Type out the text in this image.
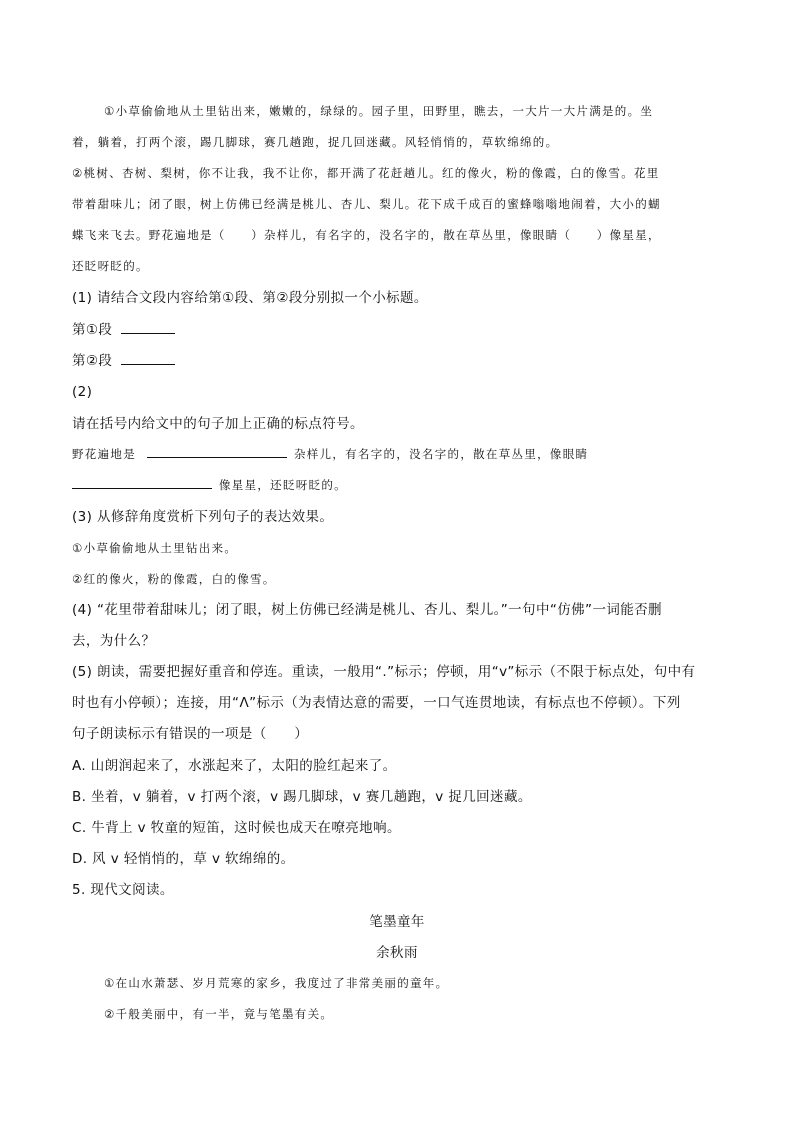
①小草偷偷地从土里钻出来，嫩嫩的，绿绿的。园子里，田野里，瞧去，一大片一大片满是的。坐
着，躺着，打两个滚，踢几脚球，赛几趟跑，捉几回迷藏。风轻悄悄的，草软绵绵的。
②桃树、杏树、梨树，你不让我，我不让你，都开满了花赶趟儿。红的像火，粉的像霞，白的像雪。花里
带着甜味儿；闭了眼，树上仿佛已经满是桃儿、杏儿、梨儿。花下成千成百的蜜蜂嗡嗡地闹着，大小的蝴
蝶飞来飞去。野花遍地是（　　）杂样儿，有名字的，没名字的，散在草丛里，像眼睛（　　）像星星，
还眨呀眨的。
(1) 请结合文段内容给第①段、第②段分别拟一个小标题。
第①段
第②段
(2)
请在括号内给文中的句子加上正确的标点符号。
野花遍地是	杂样儿，有名字的，没名字的，散在草丛里，像眼睛
像星星，还眨呀眨的。
(3) 从修辞角度赏析下列句子的表达效果。
①小草偷偷地从土里钻出来。
②红的像火，粉的像霞，白的像雪。
(4) “花里带着甜味儿；闭了眼，树上仿佛已经满是桃儿、杏儿、梨儿。”一句中“仿佛”一词能否删
去，为什么？
(5) 朗读，需要把握好重音和停连。重读，一般用“.”标示；停顿，用“v”标示（不限于标点处，句中有
时也有小停顿）；连接，用“Λ”标示（为表情达意的需要，一口气连贯地读，有标点也不停顿）。下列
句子朗读标示有错误的一项是（　　）
A. 山朗润起来了，水涨起来了，太阳的脸红起来了。
B. 坐着，v 躺着，v 打两个滚，v 踢几脚球，v 赛几趟跑，v 捉几回迷藏。
C. 牛背上 v 牧童的短笛，这时候也成天在嘹亮地响。
D. 风 v 轻悄悄的，草 v 软绵绵的。
5. 现代文阅读。
笔墨童年
余秋雨
①在山水萧瑟、岁月荒寒的家乡，我度过了非常美丽的童年。
②千般美丽中，有一半，竟与笔墨有关。
